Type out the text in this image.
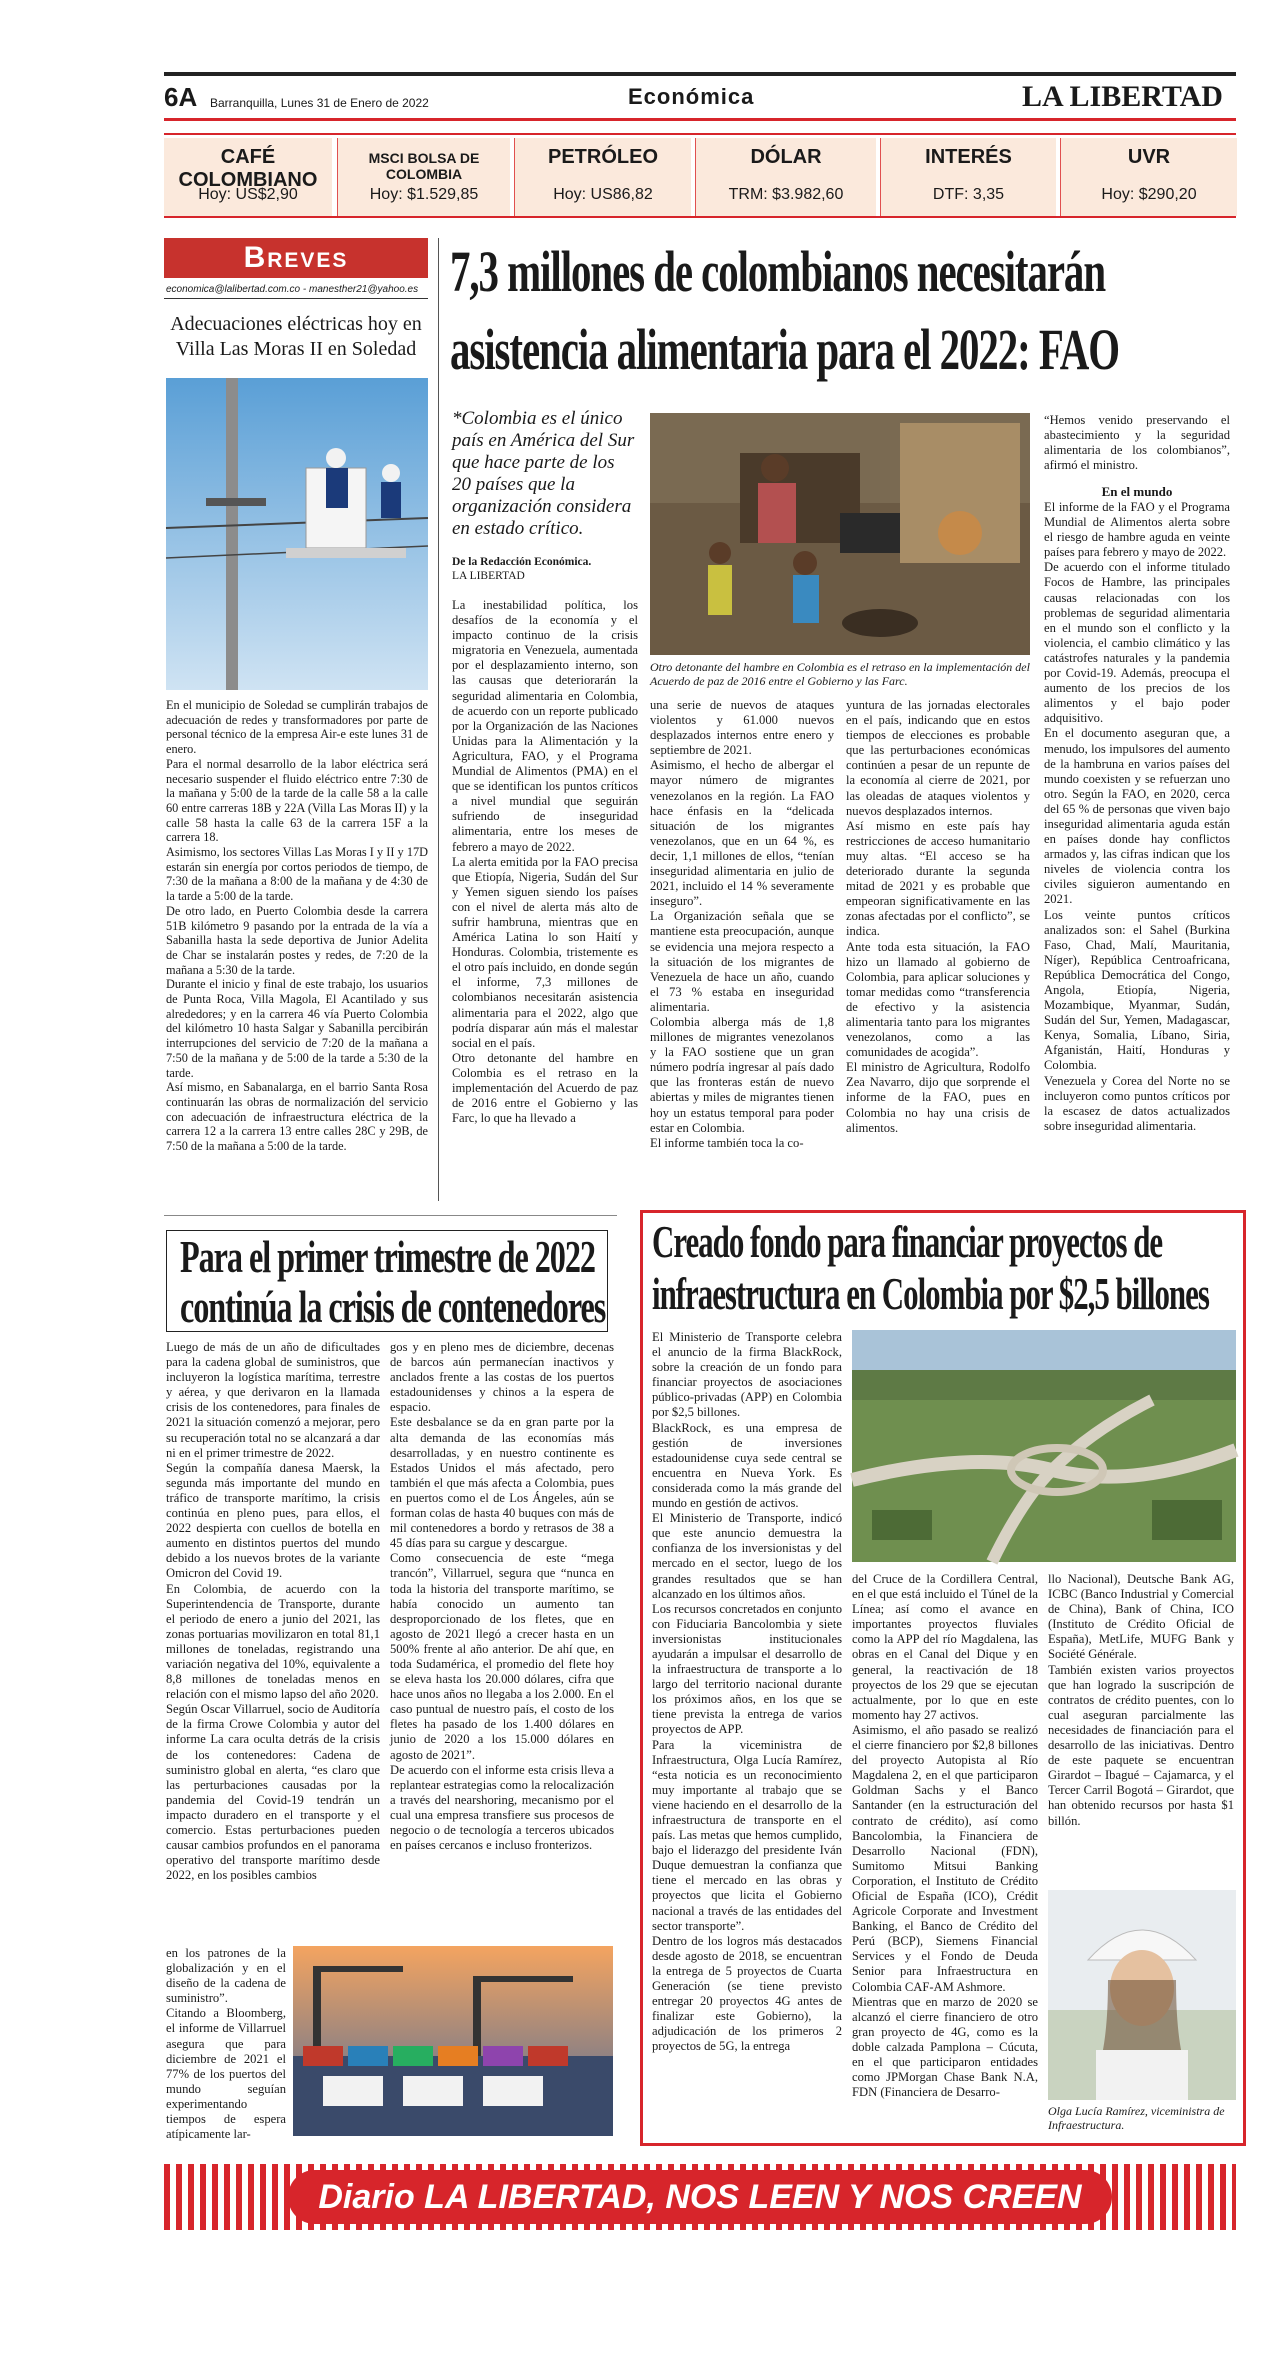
6A Barranquilla, Lunes 31 de Enero de 2022	Económica	LA LIBERTAD
CAFÉ COLOMBIANO
Hoy: US$2,90
MSCI BOLSA DE COLOMBIA
Hoy: $1.529,85
PETRÓLEO
Hoy: US86,82
DÓLAR
TRM: $3.982,60
INTERÉS
DTF: 3,35
UVR
Hoy: $290,20
Breves
economica@lalibertad.com.co - manesther21@yahoo.es
Adecuaciones eléctricas hoy en Villa Las Moras II en Soledad
En el municipio de Soledad se cumplirán trabajos de adecuación de redes y transformadores por parte de personal técnico de la empresa Air-e este lunes 31 de enero.
Para el normal desarrollo de la labor eléctrica será necesario suspender el fluido eléctrico entre 7:30 de la mañana y 5:00 de la tarde de la calle 58 a la calle 60 entre carreras 18B y 22A (Villa Las Moras II) y la calle 58 hasta la calle 63 de la carrera 15F a la carrera 18.
Asimismo, los sectores Villas Las Moras I y II y 17D estarán sin energía por cortos periodos de tiempo, de 7:30 de la mañana a 8:00 de la mañana y de 4:30 de la tarde a 5:00 de la tarde.
De otro lado, en Puerto Colombia desde la carrera 51B kilómetro 9 pasando por la entrada de la vía a Sabanilla hasta la sede deportiva de Junior Adelita de Char se instalarán postes y redes, de 7:20 de la mañana a 5:30 de la tarde.
Durante el inicio y final de este trabajo, los usuarios de Punta Roca, Villa Magola, El Acantilado y sus alrededores; y en la carrera 46 vía Puerto Colombia del kilómetro 10 hasta Salgar y Sabanilla percibirán interrupciones del servicio de 7:20 de la mañana a 7:50 de la mañana y de 5:00 de la tarde a 5:30 de la tarde.
Así mismo, en Sabanalarga, en el barrio Santa Rosa continuarán las obras de normalización del servicio con adecuación de infraestructura eléctrica de la carrera 12 a la carrera 13 entre calles 28C y 29B, de 7:50 de la mañana a 5:00 de la tarde.
7,3 millones de colombianos necesitarán
asistencia alimentaria para el 2022: FAO
*Colombia es el único país en América del Sur que hace parte de los 20 países que la organización considera en estado crítico.
De la Redacción Económica.
LA LIBERTAD
Otro detonante del hambre en Colombia es el retraso en la implementación del Acuerdo de paz de 2016 entre el Gobierno y las Farc.
La inestabilidad política, los desafíos de la economía y el impacto continuo de la crisis migratoria en Venezuela, aumentada por el desplazamiento interno, son las causas que deteriorarán la seguridad alimentaria en Colombia, de acuerdo con un reporte publicado por la Organización de las Naciones Unidas para la Alimentación y la Agricultura, FAO, y el Programa Mundial de Alimentos (PMA) en el que se identifican los puntos críticos a nivel mundial que seguirán sufriendo de inseguridad alimentaria, entre los meses de febrero a mayo de 2022.
La alerta emitida por la FAO precisa que Etiopía, Nigeria, Sudán del Sur y Yemen siguen siendo los países con el nivel de alerta más alto de sufrir hambruna, mientras que en América Latina lo son Haití y Honduras. Colombia, tristemente es el otro país incluido, en donde según el informe, 7,3 millones de colombianos necesitarán asistencia alimentaria para el 2022, algo que podría disparar aún más el malestar social en el país.
Otro detonante del hambre en Colombia es el retraso en la implementación del Acuerdo de paz de 2016 entre el Gobierno y las Farc, lo que ha llevado a
una serie de nuevos de ataques violentos y 61.000 nuevos desplazados internos entre enero y septiembre de 2021.
Asimismo, el hecho de albergar el mayor número de migrantes venezolanos en la región. La FAO hace énfasis en la “delicada situación de los migrantes venezolanos, que en un 64 %, es decir, 1,1 millones de ellos, “tenían inseguridad alimentaria en julio de 2021, incluido el 14 % severamente inseguro”.
La Organización señala que se mantiene esta preocupación, aunque se evidencia una mejora respecto a la situación de los migrantes de Venezuela de hace un año, cuando el 73 % estaba en inseguridad alimentaria.
Colombia alberga más de 1,8 millones de migrantes venezolanos y la FAO sostiene que un gran número podría ingresar al país dado que las fronteras están de nuevo abiertas y miles de migrantes tienen hoy un estatus temporal para poder estar en Colombia.
El informe también toca la co-
yuntura de las jornadas electorales en el país, indicando que en estos tiempos de elecciones es probable que las perturbaciones económicas continúen a pesar de un repunte de la economía al cierre de 2021, por las oleadas de ataques violentos y nuevos desplazados internos.
Así mismo en este país hay restricciones de acceso humanitario muy altas. “El acceso se ha deteriorado durante la segunda mitad de 2021 y es probable que empeoran significativamente en las zonas afectadas por el conflicto”, se indica.
Ante toda esta situación, la FAO hizo un llamado al gobierno de Colombia, para aplicar soluciones y tomar medidas como “transferencia de efectivo y la asistencia alimentaria tanto para los migrantes venezolanos, como a las comunidades de acogida”.
El ministro de Agricultura, Rodolfo Zea Navarro, dijo que sorprende el informe de la FAO, pues en Colombia no hay una crisis de alimentos.
“Hemos venido preservando el abastecimiento y la seguridad alimentaria de los colombianos”, afirmó el ministro.
En el mundo
El informe de la FAO y el Programa Mundial de Alimentos alerta sobre el riesgo de hambre aguda en veinte países para febrero y mayo de 2022.
De acuerdo con el informe titulado Focos de Hambre, las principales causas relacionadas con los problemas de seguridad alimentaria en el mundo son el conflicto y la violencia, el cambio climático y las catástrofes naturales y la pandemia por Covid-19. Además, preocupa el aumento de los precios de los alimentos y el bajo poder adquisitivo.
En el documento aseguran que, a menudo, los impulsores del aumento de la hambruna en varios países del mundo coexisten y se refuerzan uno otro. Según la FAO, en 2020, cerca del 65 % de personas que viven bajo inseguridad alimentaria aguda están en países donde hay conflictos armados y, las cifras indican que los niveles de violencia contra los civiles siguieron aumentando en 2021.
Los veinte puntos críticos analizados son: el Sahel (Burkina Faso, Chad, Malí, Mauritania, Níger), República Centroafricana, República Democrática del Congo, Angola, Etiopía, Nigeria, Mozambique, Myanmar, Sudán, Sudán del Sur, Yemen, Madagascar, Kenya, Somalia, Líbano, Siria, Afganistán, Haití, Honduras y Colombia.
Venezuela y Corea del Norte no se incluyeron como puntos críticos por la escasez de datos actualizados sobre inseguridad alimentaria.
Para el primer trimestre de 2022
continúa la crisis de contenedores
Luego de más de un año de dificultades para la cadena global de suministros, que incluyeron la logística marítima, terrestre y aérea, y que derivaron en la llamada crisis de los contenedores, para finales de 2021 la situación comenzó a mejorar, pero su recuperación total no se alcanzará a dar ni en el primer trimestre de 2022.
Según la compañía danesa Maersk, la segunda más importante del mundo en tráfico de transporte marítimo, la crisis continúa en pleno pues, para ellos, el 2022 despierta con cuellos de botella en aumento en distintos puertos del mundo debido a los nuevos brotes de la variante Omicron del Covid 19.
En Colombia, de acuerdo con la Superintendencia de Transporte, durante el periodo de enero a junio del 2021, las zonas portuarias movilizaron en total 81,1 millones de toneladas, registrando una variación negativa del 10%, equivalente a 8,8 millones de toneladas menos en relación con el mismo lapso del año 2020.
Según Oscar Villarruel, socio de Auditoría de la firma Crowe Colombia y autor del informe La cara oculta detrás de la crisis de los contenedores: Cadena de suministro global en alerta, “es claro que las perturbaciones causadas por la pandemia del Covid-19 tendrán un impacto duradero en el transporte y el comercio. Estas perturbaciones pueden causar cambios profundos en el panorama operativo del transporte marítimo desde 2022, en los posibles cambios
en los patrones de la globalización y en el diseño de la cadena de suministro”.
Citando a Bloomberg, el informe de Villarruel asegura que para diciembre de 2021 el 77% de los puertos del mundo seguían experimentando tiempos de espera atípicamente lar-
gos y en pleno mes de diciembre, decenas de barcos aún permanecían inactivos y anclados frente a las costas de los puertos estadounidenses y chinos a la espera de espacio.
Este desbalance se da en gran parte por la alta demanda de las economías más desarrolladas, y en nuestro continente es Estados Unidos el más afectado, pero también el que más afecta a Colombia, pues en puertos como el de Los Ángeles, aún se forman colas de hasta 40 buques con más de mil contenedores a bordo y retrasos de 38 a 45 días para su cargue y descargue.
Como consecuencia de este “mega trancón”, Villarruel, segura que “nunca en toda la historia del transporte marítimo, se había conocido un aumento tan desproporcionado de los fletes, que en agosto de 2021 llegó a crecer hasta en un 500% frente al año anterior. De ahí que, en toda Sudamérica, el promedio del flete hoy se eleva hasta los 20.000 dólares, cifra que hace unos años no llegaba a los 2.000. En el caso puntual de nuestro país, el costo de los fletes ha pasado de los 1.400 dólares en junio de 2020 a los 15.000 dólares en agosto de 2021”.
De acuerdo con el informe esta crisis lleva a replantear estrategias como la relocalización a través del nearshoring, mecanismo por el cual una empresa transfiere sus procesos de negocio o de tecnología a terceros ubicados en países cercanos e incluso fronterizos.
Creado fondo para financiar proyectos de
infraestructura en Colombia por $2,5 billones
El Ministerio de Transporte celebra el anuncio de la firma BlackRock, sobre la creación de un fondo para financiar proyectos de asociaciones público-privadas (APP) en Colombia por $2,5 billones.
BlackRock, es una empresa de gestión de inversiones estadounidense cuya sede central se encuentra en Nueva York. Es considerada como la más grande del mundo en gestión de activos.
El Ministerio de Transporte, indicó que este anuncio demuestra la confianza de los inversionistas y del mercado en el sector, luego de los grandes resultados que se han alcanzado en los últimos años.
Los recursos concretados en conjunto con Fiduciaria Bancolombia y siete inversionistas institucionales ayudarán a impulsar el desarrollo de la infraestructura de transporte a lo largo del territorio nacional durante los próximos años, en los que se tiene prevista la entrega de varios proyectos de APP.
Para la viceministra de Infraestructura, Olga Lucía Ramírez, “esta noticia es un reconocimiento muy importante al trabajo que se viene haciendo en el desarrollo de la infraestructura de transporte en el país. Las metas que hemos cumplido, bajo el liderazgo del presidente Iván Duque demuestran la confianza que tiene el mercado en las obras y proyectos que licita el Gobierno nacional a través de las entidades del sector transporte”.
Dentro de los logros más destacados desde agosto de 2018, se encuentran la entrega de 5 proyectos de Cuarta Generación (se tiene previsto entregar 20 proyectos 4G antes de finalizar este Gobierno), la adjudicación de los primeros 2 proyectos de 5G, la entrega
del Cruce de la Cordillera Central, en el que está incluido el Túnel de la Línea; así como el avance en importantes proyectos fluviales como la APP del río Magdalena, las obras en el Canal del Dique y en general, la reactivación de 18 proyectos de los 29 que se ejecutan actualmente, por lo que en este momento hay 27 activos.
Asimismo, el año pasado se realizó el cierre financiero por $2,8 billones del proyecto Autopista al Río Magdalena 2, en el que participaron Goldman Sachs y el Banco Santander (en la estructuración del contrato de crédito), así como Bancolombia, la Financiera de Desarrollo Nacional (FDN), Sumitomo Mitsui Banking Corporation, el Instituto de Crédito Oficial de España (ICO), Crédit Agricole Corporate and Investment Banking, el Banco de Crédito del Perú (BCP), Siemens Financial Services y el Fondo de Deuda Senior para Infraestructura en Colombia CAF-AM Ashmore.
Mientras que en marzo de 2020 se alcanzó el cierre financiero de otro gran proyecto de 4G, como es la doble calzada Pamplona – Cúcuta, en el que participaron entidades como JPMorgan Chase Bank N.A, FDN (Financiera de Desarro-
llo Nacional), Deutsche Bank AG, ICBC (Banco Industrial y Comercial de China), Bank of China, ICO (Instituto de Crédito Oficial de España), MetLife, MUFG Bank y Société Générale.
También existen varios proyectos que han logrado la suscripción de contratos de crédito puentes, con lo cual aseguran parcialmente las necesidades de financiación para el desarrollo de las iniciativas. Dentro de este paquete se encuentran Girardot – Ibagué – Cajamarca, y el Tercer Carril Bogotá – Girardot, que han obtenido recursos por hasta $1 billón.
Olga Lucía Ramírez, viceministra de Infraestructura.
Diario LA LIBERTAD, NOS LEEN Y NOS CREEN
